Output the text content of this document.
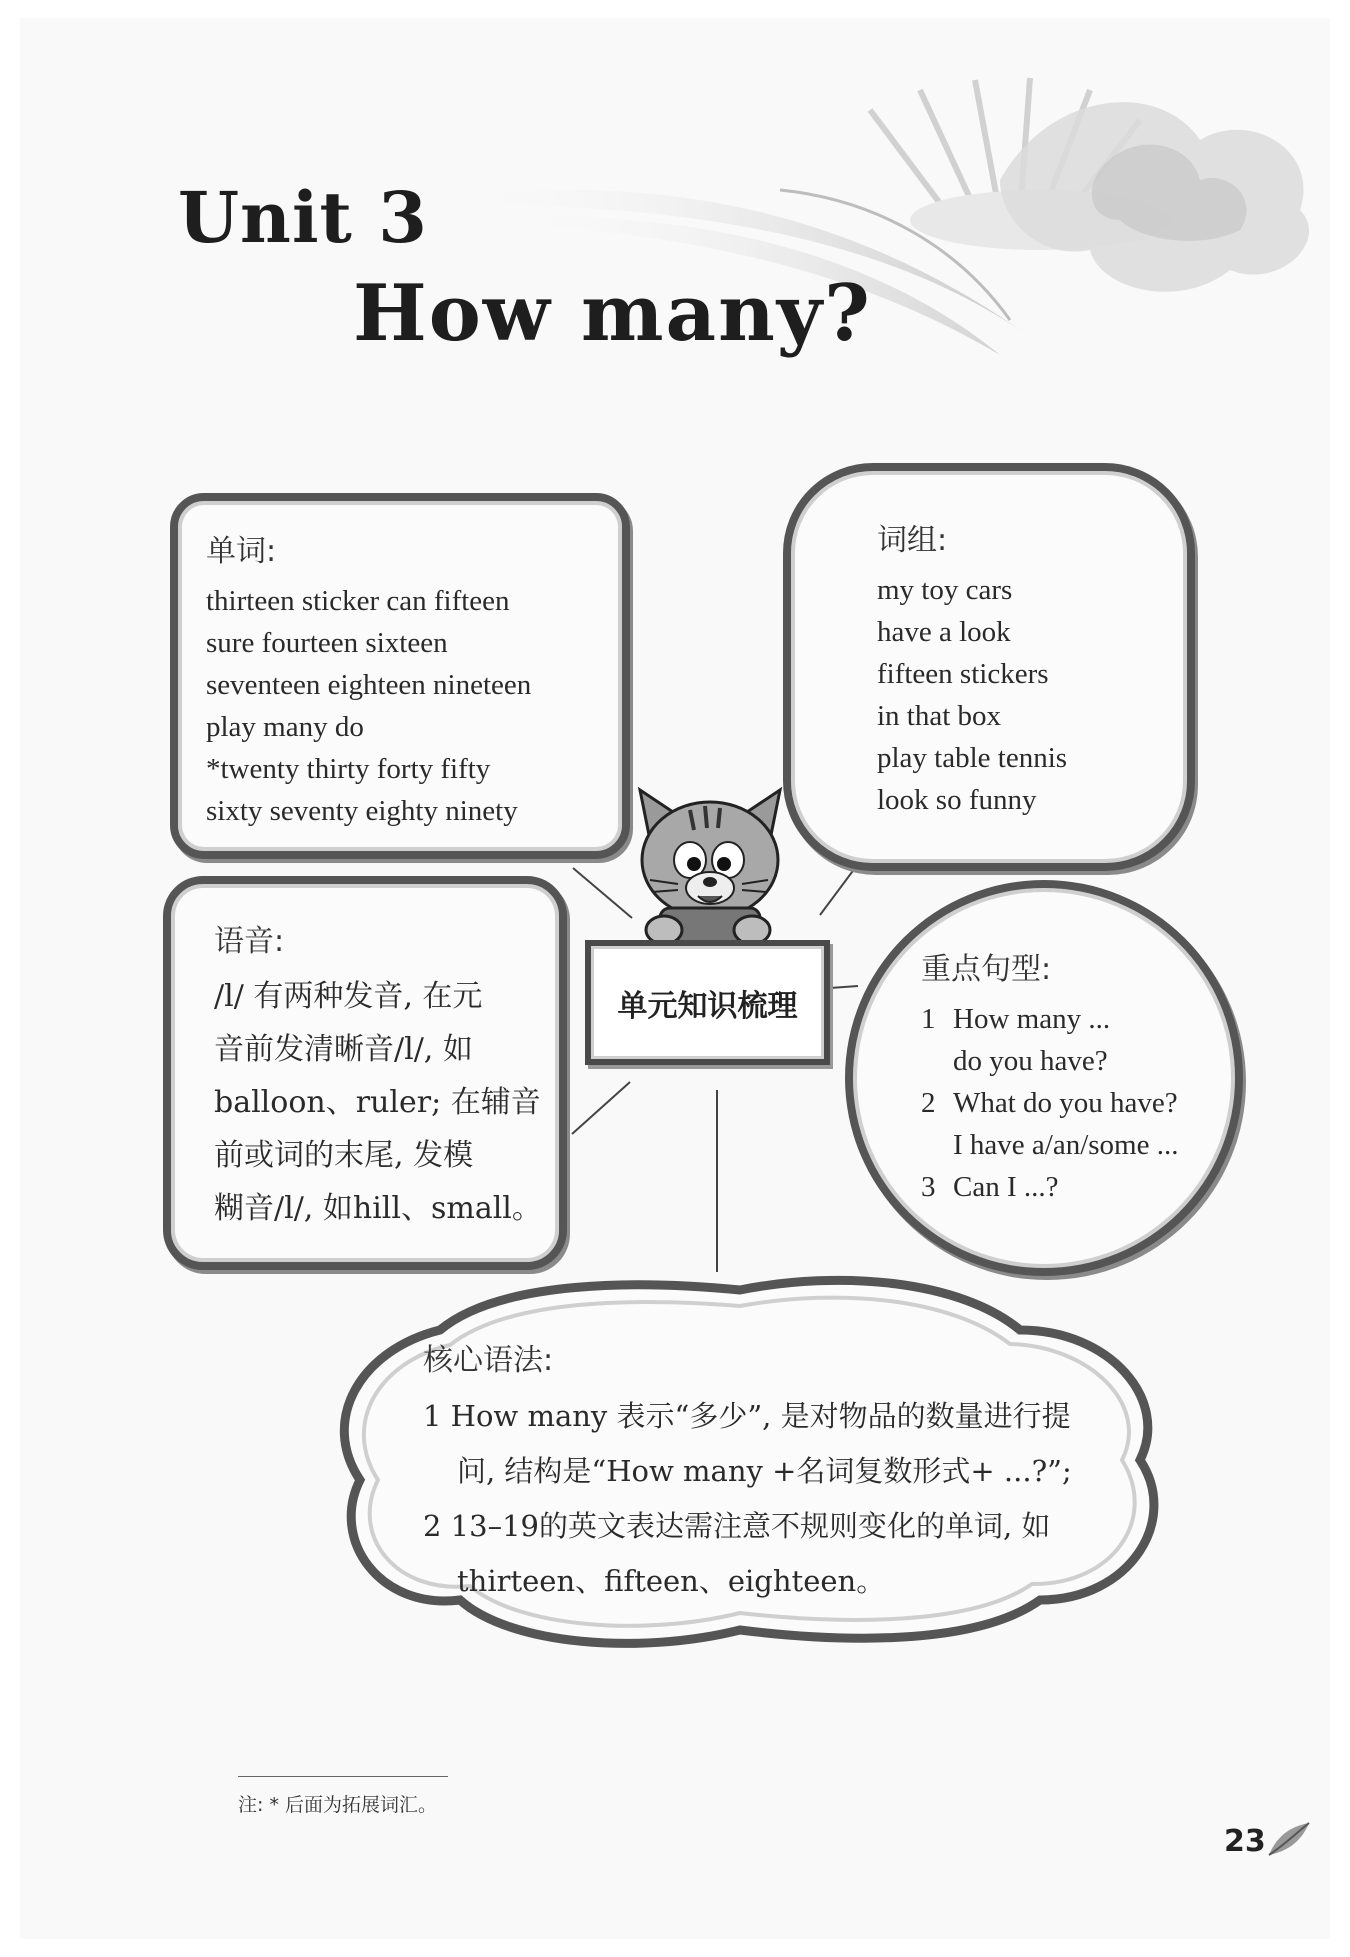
Unit 3
How many?
单词:
thirteen sticker can fifteen
sure fourteen sixteen
seventeen eighteen nineteen
play many do
*twenty thirty forty fifty
sixty seventy eighty ninety
词组:
my toy cars
have a look
fifteen stickers
in that box
play table tennis
look so funny
语音:
/l/ 有两种发音, 在元
音前发清晰音/l/, 如
balloon、ruler; 在辅音
前或词的末尾, 发模
糊音/l/, 如hill、small。
单元知识梳理
重点句型:
1 How many ...
do you have?
2 What do you have?
I have a/an/some ...
3 Can I ...?
核心语法:
1 How many 表示“多少”, 是对物品的数量进行提
问, 结构是“How many +名词复数形式+ ...?”;
2 13–19的英文表达需注意不规则变化的单词, 如
thirteen、fifteen、eighteen。
注: * 后面为拓展词汇。
23
